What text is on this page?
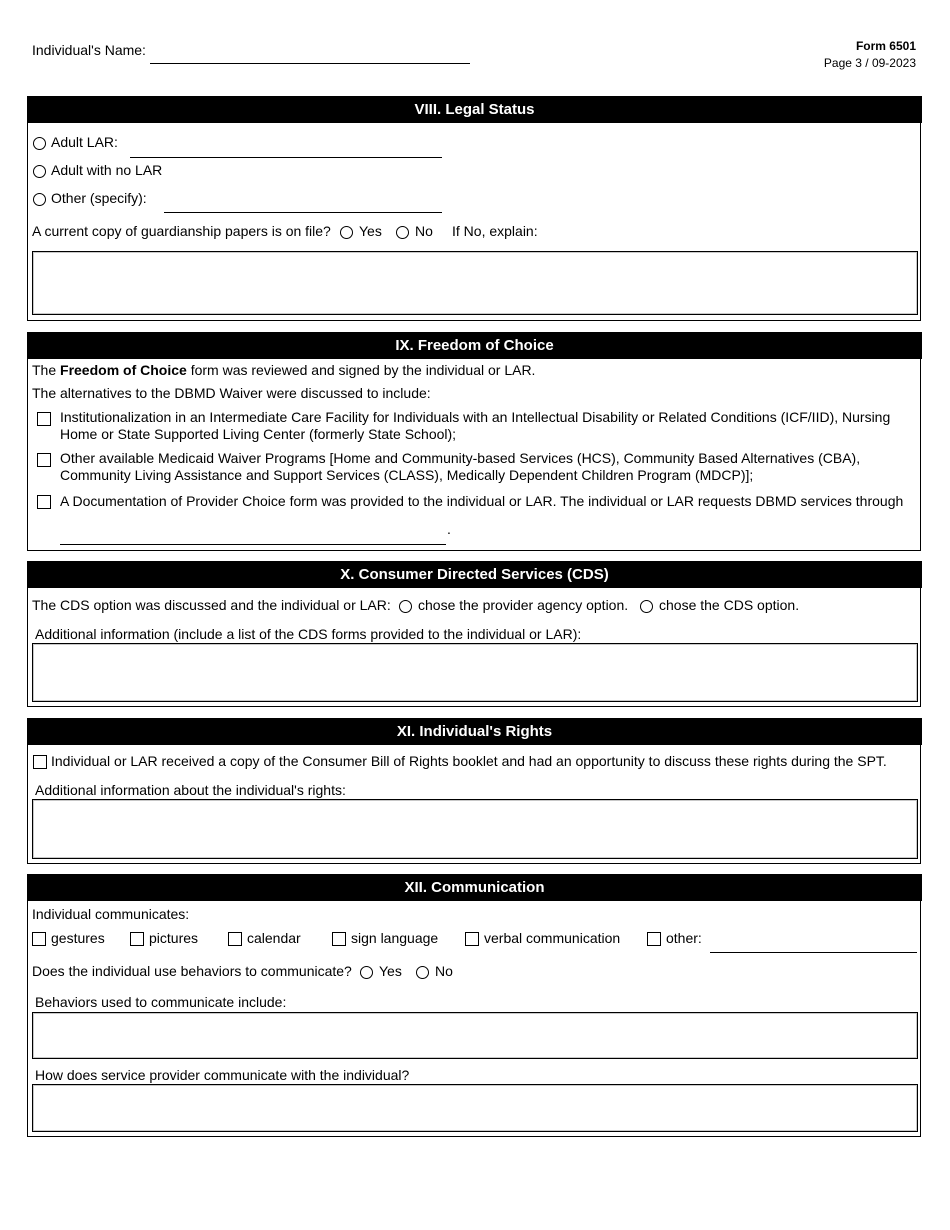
Individual's Name:	Form 6501
Page 3 / 09-2023
VIII. Legal Status
Adult LAR:
Adult with no LAR
Other (specify):
A current copy of guardianship papers is on file? Yes No If No, explain:
IX. Freedom of Choice
The Freedom of Choice form was reviewed and signed by the individual or LAR.
The alternatives to the DBMD Waiver were discussed to include:
Institutionalization in an Intermediate Care Facility for Individuals with an Intellectual Disability or Related Conditions (ICF/IID), Nursing Home or State Supported Living Center (formerly State School);
Other available Medicaid Waiver Programs [Home and Community-based Services (HCS), Community Based Alternatives (CBA), Community Living Assistance and Support Services (CLASS), Medically Dependent Children Program (MDCP)];
A Documentation of Provider Choice form was provided to the individual or LAR. The individual or LAR requests DBMD services through
.
X. Consumer Directed Services (CDS)
The CDS option was discussed and the individual or LAR: chose the provider agency option. chose the CDS option.
Additional information (include a list of the CDS forms provided to the individual or LAR):
XI. Individual's Rights
Individual or LAR received a copy of the Consumer Bill of Rights booklet and had an opportunity to discuss these rights during the SPT.
Additional information about the individual's rights:
XII. Communication
Individual communicates:
gestures	pictures	calendar	sign language	verbal communication	other:
Does the individual use behaviors to communicate? Yes No
Behaviors used to communicate include:
How does service provider communicate with the individual?
